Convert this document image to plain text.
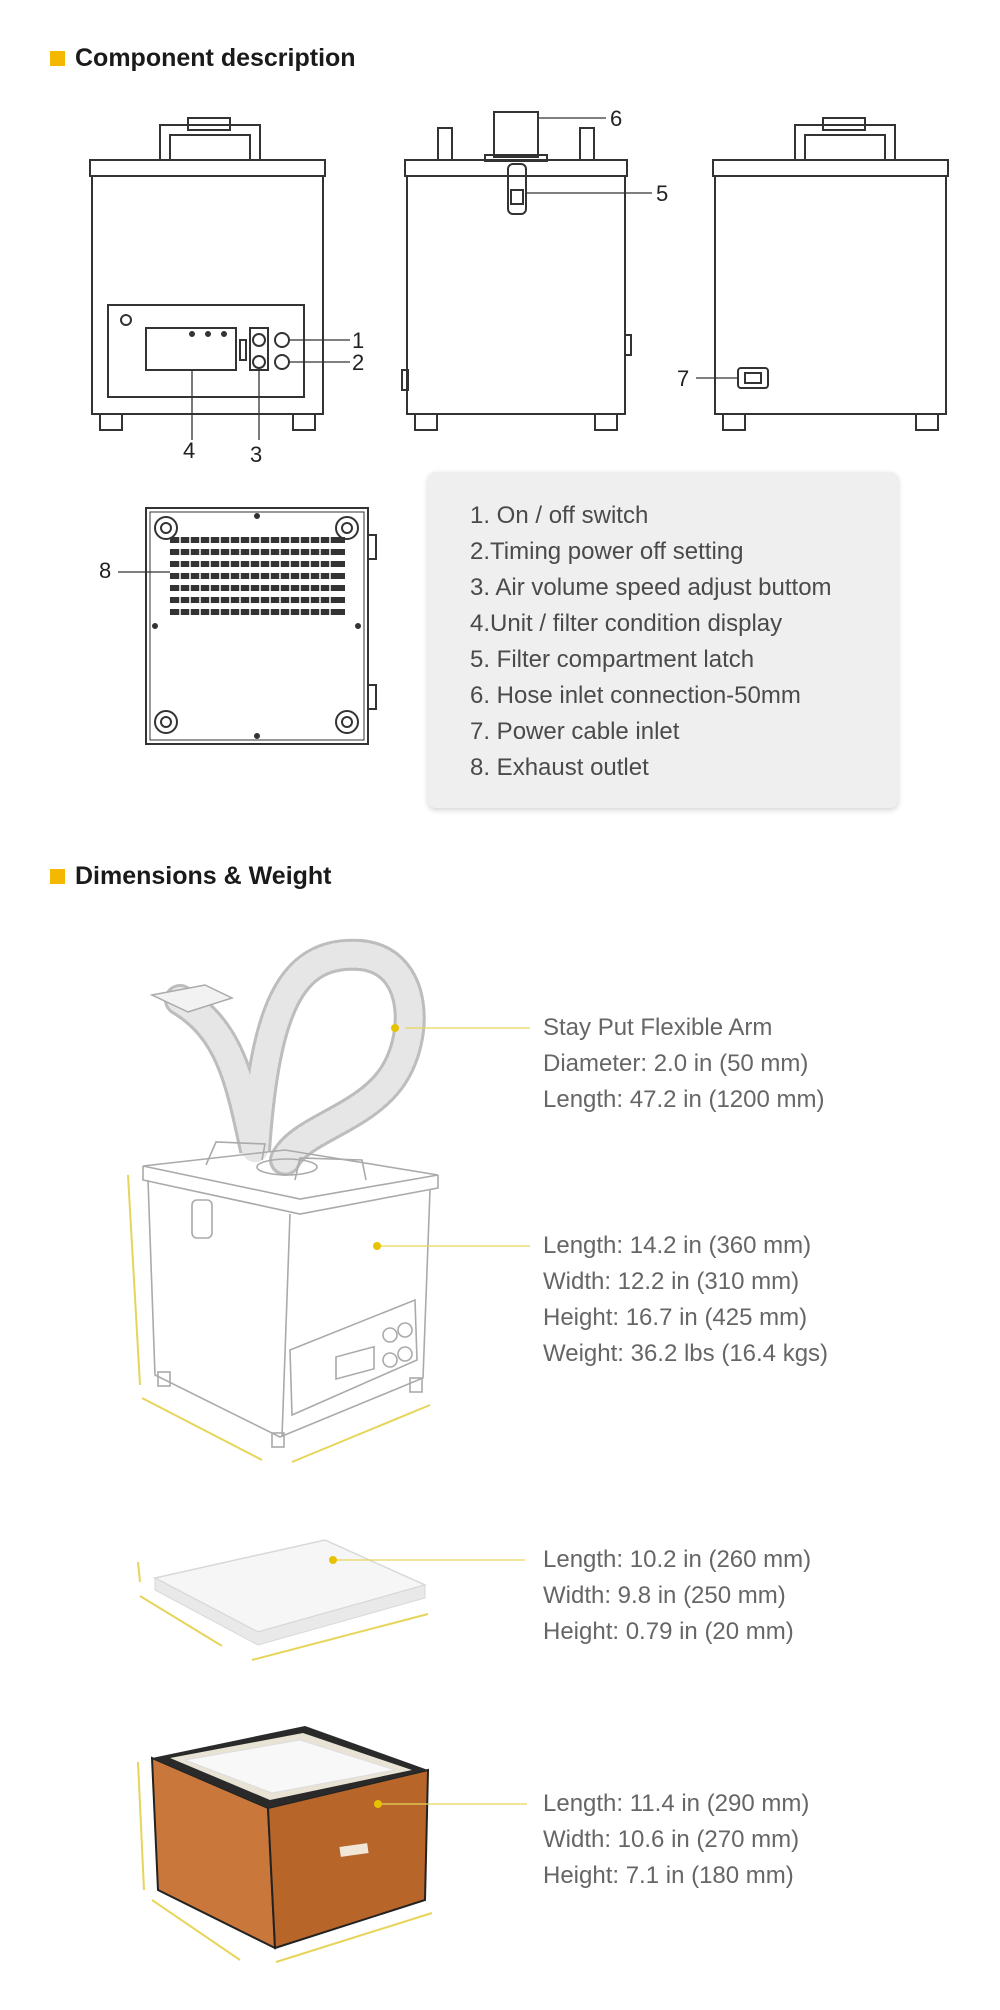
Component description
1
2
4 3
6
5
7
8
1. On / off switch
2.Timing power off setting
3. Air volume speed adjust buttom
4.Unit / filter condition display
5. Filter compartment latch
6. Hose inlet connection-50mm
7. Power cable inlet
8. Exhaust outlet
Dimensions & Weight
Stay Put Flexible Arm
Diameter: 2.0 in (50 mm)
Length: 47.2 in (1200 mm)
Length: 14.2 in (360 mm)
Width: 12.2 in (310 mm)
Height: 16.7 in (425 mm)
Weight: 36.2 lbs (16.4 kgs)
Length: 10.2 in (260 mm)
Width: 9.8 in (250 mm)
Height: 0.79 in (20 mm)
Length: 11.4 in (290 mm)
Width: 10.6 in (270 mm)
Height: 7.1 in (180 mm)
